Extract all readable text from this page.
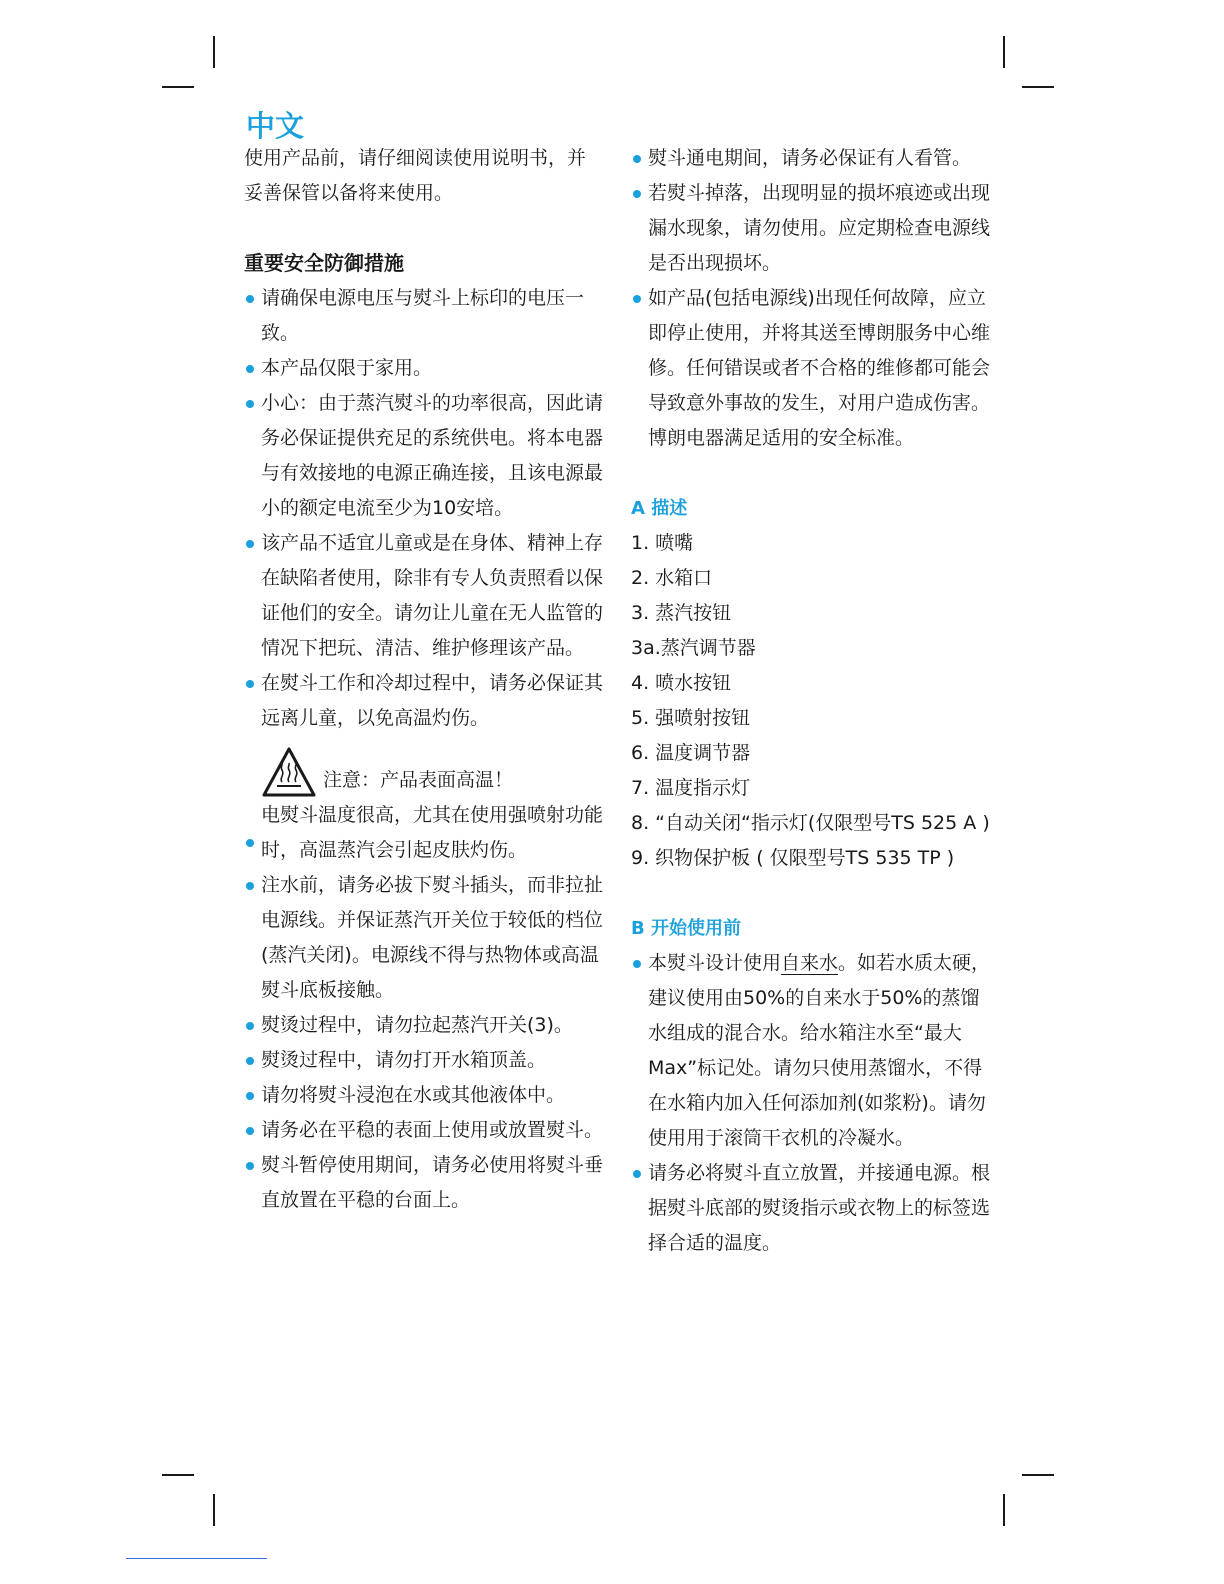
中文

使用产品前，请仔细阅读使用说明书，并妥善保管以备将来使用。

重要安全防御措施

请确保电源电压与熨斗上标印的电压一致。

本产品仅限于家用。

小心：由于蒸汽熨斗的功率很高，因此请务必保证提供充足的系统供电。将本电器与有效接地的电源正确连接，且该电源最小的额定电流至少为10安培。

该产品不适宜儿童或是在身体、精神上存在缺陷者使用，除非有专人负责照看以保证他们的安全。请勿让儿童在无人监管的情况下把玩、清洁、维护修理该产品。

在熨斗工作和冷却过程中，请务必保证其远离儿童，以免高温灼伤。

注意：产品表面高温！

电熨斗温度很高，尤其在使用强喷射功能时，高温蒸汽会引起皮肤灼伤。

注水前，请务必拔下熨斗插头，而非拉扯电源线。并保证蒸汽开关位于较低的档位(蒸汽关闭)。电源线不得与热物体或高温熨斗底板接触。

熨烫过程中，请勿拉起蒸汽开关(3)。

熨烫过程中，请勿打开水箱顶盖。

请勿将熨斗浸泡在水或其他液体中。

请务必在平稳的表面上使用或放置熨斗。

熨斗暂停使用期间，请务必使用将熨斗垂直放置在平稳的台面上。

熨斗通电期间，请务必保证有人看管。

若熨斗掉落，出现明显的损坏痕迹或出现漏水现象，请勿使用。应定期检查电源线是否出现损坏。

如产品(包括电源线)出现任何故障，应立即停止使用，并将其送至博朗服务中心维修。任何错误或者不合格的维修都可能会导致意外事故的发生，对用户造成伤害。博朗电器满足适用的安全标准。

A 描述

1. 喷嘴

2. 水箱口

3. 蒸汽按钮

3a.蒸汽调节器

4. 喷水按钮

5. 强喷射按钮

6. 温度调节器

7. 温度指示灯

8. “自动关闭“指示灯(仅限型号TS 525 A )

9. 织物保护板 ( 仅限型号TS 535 TP )

B 开始使用前

本熨斗设计使用自来水。如若水质太硬，建议使用由50%的自来水于50%的蒸馏水组成的混合水。给水箱注水至“最大Max”标记处。请勿只使用蒸馏水，不得在水箱内加入任何添加剂(如浆粉)。请勿使用用于滚筒干衣机的冷凝水。

请务必将熨斗直立放置，并接通电源。根据熨斗底部的熨烫指示或衣物上的标签选择合适的温度。
